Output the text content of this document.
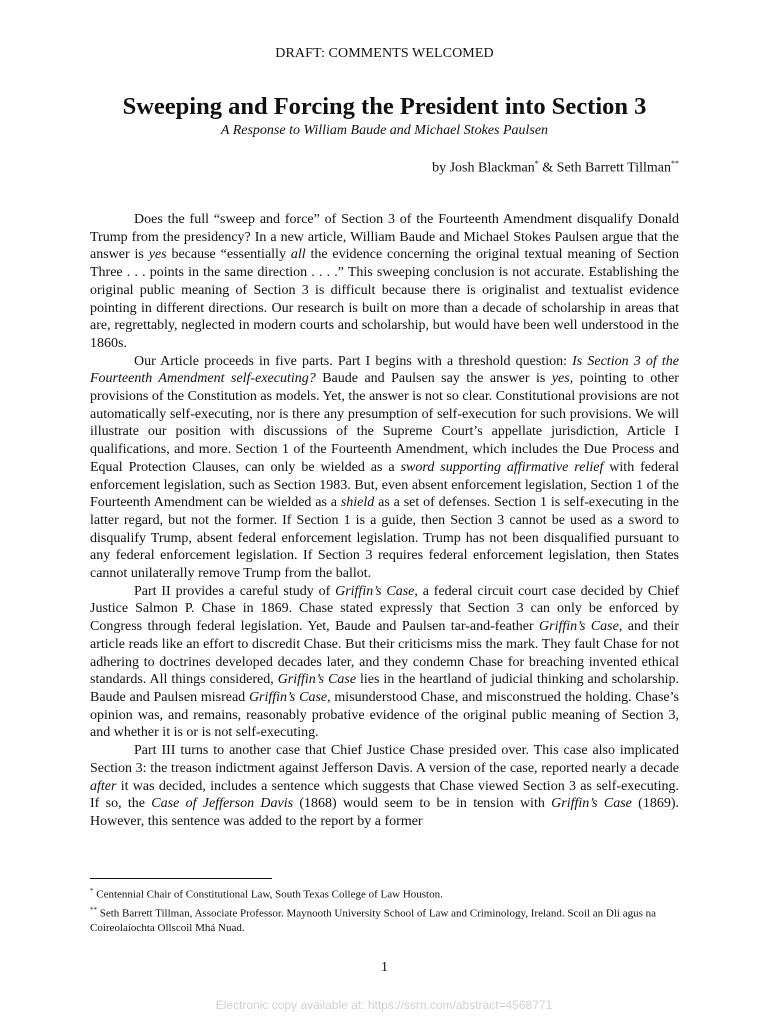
DRAFT: COMMENTS WELCOMED
Sweeping and Forcing the President into Section 3
A Response to William Baude and Michael Stokes Paulsen
by Josh Blackman* & Seth Barrett Tillman**

Does the full “sweep and force” of Section 3 of the Fourteenth Amendment disqualify Donald Trump from the presidency? In a new article, William Baude and Michael Stokes Paulsen argue that the answer is yes because “essentially all the evidence concerning the original textual meaning of Section Three . . . points in the same direction . . . .” This sweeping conclusion is not accurate. Establishing the original public meaning of Section 3 is difficult because there is originalist and textualist evidence pointing in different directions. Our research is built on more than a decade of scholarship in areas that are, regrettably, neglected in modern courts and scholarship, but would have been well understood in the 1860s.

Our Article proceeds in five parts. Part I begins with a threshold question: Is Section 3 of the Fourteenth Amendment self-executing? Baude and Paulsen say the answer is yes, pointing to other provisions of the Constitution as models. Yet, the answer is not so clear. Constitutional provisions are not automatically self-executing, nor is there any presumption of self-execution for such provisions. We will illustrate our position with discussions of the Supreme Court’s appellate jurisdiction, Article I qualifications, and more. Section 1 of the Fourteenth Amendment, which includes the Due Process and Equal Protection Clauses, can only be wielded as a sword supporting affirmative relief with federal enforcement legislation, such as Section 1983. But, even absent enforcement legislation, Section 1 of the Fourteenth Amendment can be wielded as a shield as a set of defenses. Section 1 is self-executing in the latter regard, but not the former. If Section 1 is a guide, then Section 3 cannot be used as a sword to disqualify Trump, absent federal enforcement legislation. Trump has not been disqualified pursuant to any federal enforcement legislation. If Section 3 requires federal enforcement legislation, then States cannot unilaterally remove Trump from the ballot.

Part II provides a careful study of Griffin’s Case, a federal circuit court case decided by Chief Justice Salmon P. Chase in 1869. Chase stated expressly that Section 3 can only be enforced by Congress through federal legislation. Yet, Baude and Paulsen tar-and-feather Griffin’s Case, and their article reads like an effort to discredit Chase. But their criticisms miss the mark. They fault Chase for not adhering to doctrines developed decades later, and they condemn Chase for breaching invented ethical standards. All things considered, Griffin’s Case lies in the heartland of judicial thinking and scholarship. Baude and Paulsen misread Griffin’s Case, misunderstood Chase, and misconstrued the holding. Chase’s opinion was, and remains, reasonably probative evidence of the original public meaning of Section 3, and whether it is or is not self-executing.

Part III turns to another case that Chief Justice Chase presided over. This case also implicated Section 3: the treason indictment against Jefferson Davis. A version of the case, reported nearly a decade after it was decided, includes a sentence which suggests that Chase viewed Section 3 as self-executing. If so, the Case of Jefferson Davis (1868) would seem to be in tension with Griffin’s Case (1869). However, this sentence was added to the report by a former

* Centennial Chair of Constitutional Law, South Texas College of Law Houston.
** Seth Barrett Tillman, Associate Professor. Maynooth University School of Law and Criminology, Ireland. Scoil an Dlí agus na Coireolaíochta Ollscoil Mhá Nuad.
1
Electronic copy available at: https://ssrn.com/abstract=4568771
